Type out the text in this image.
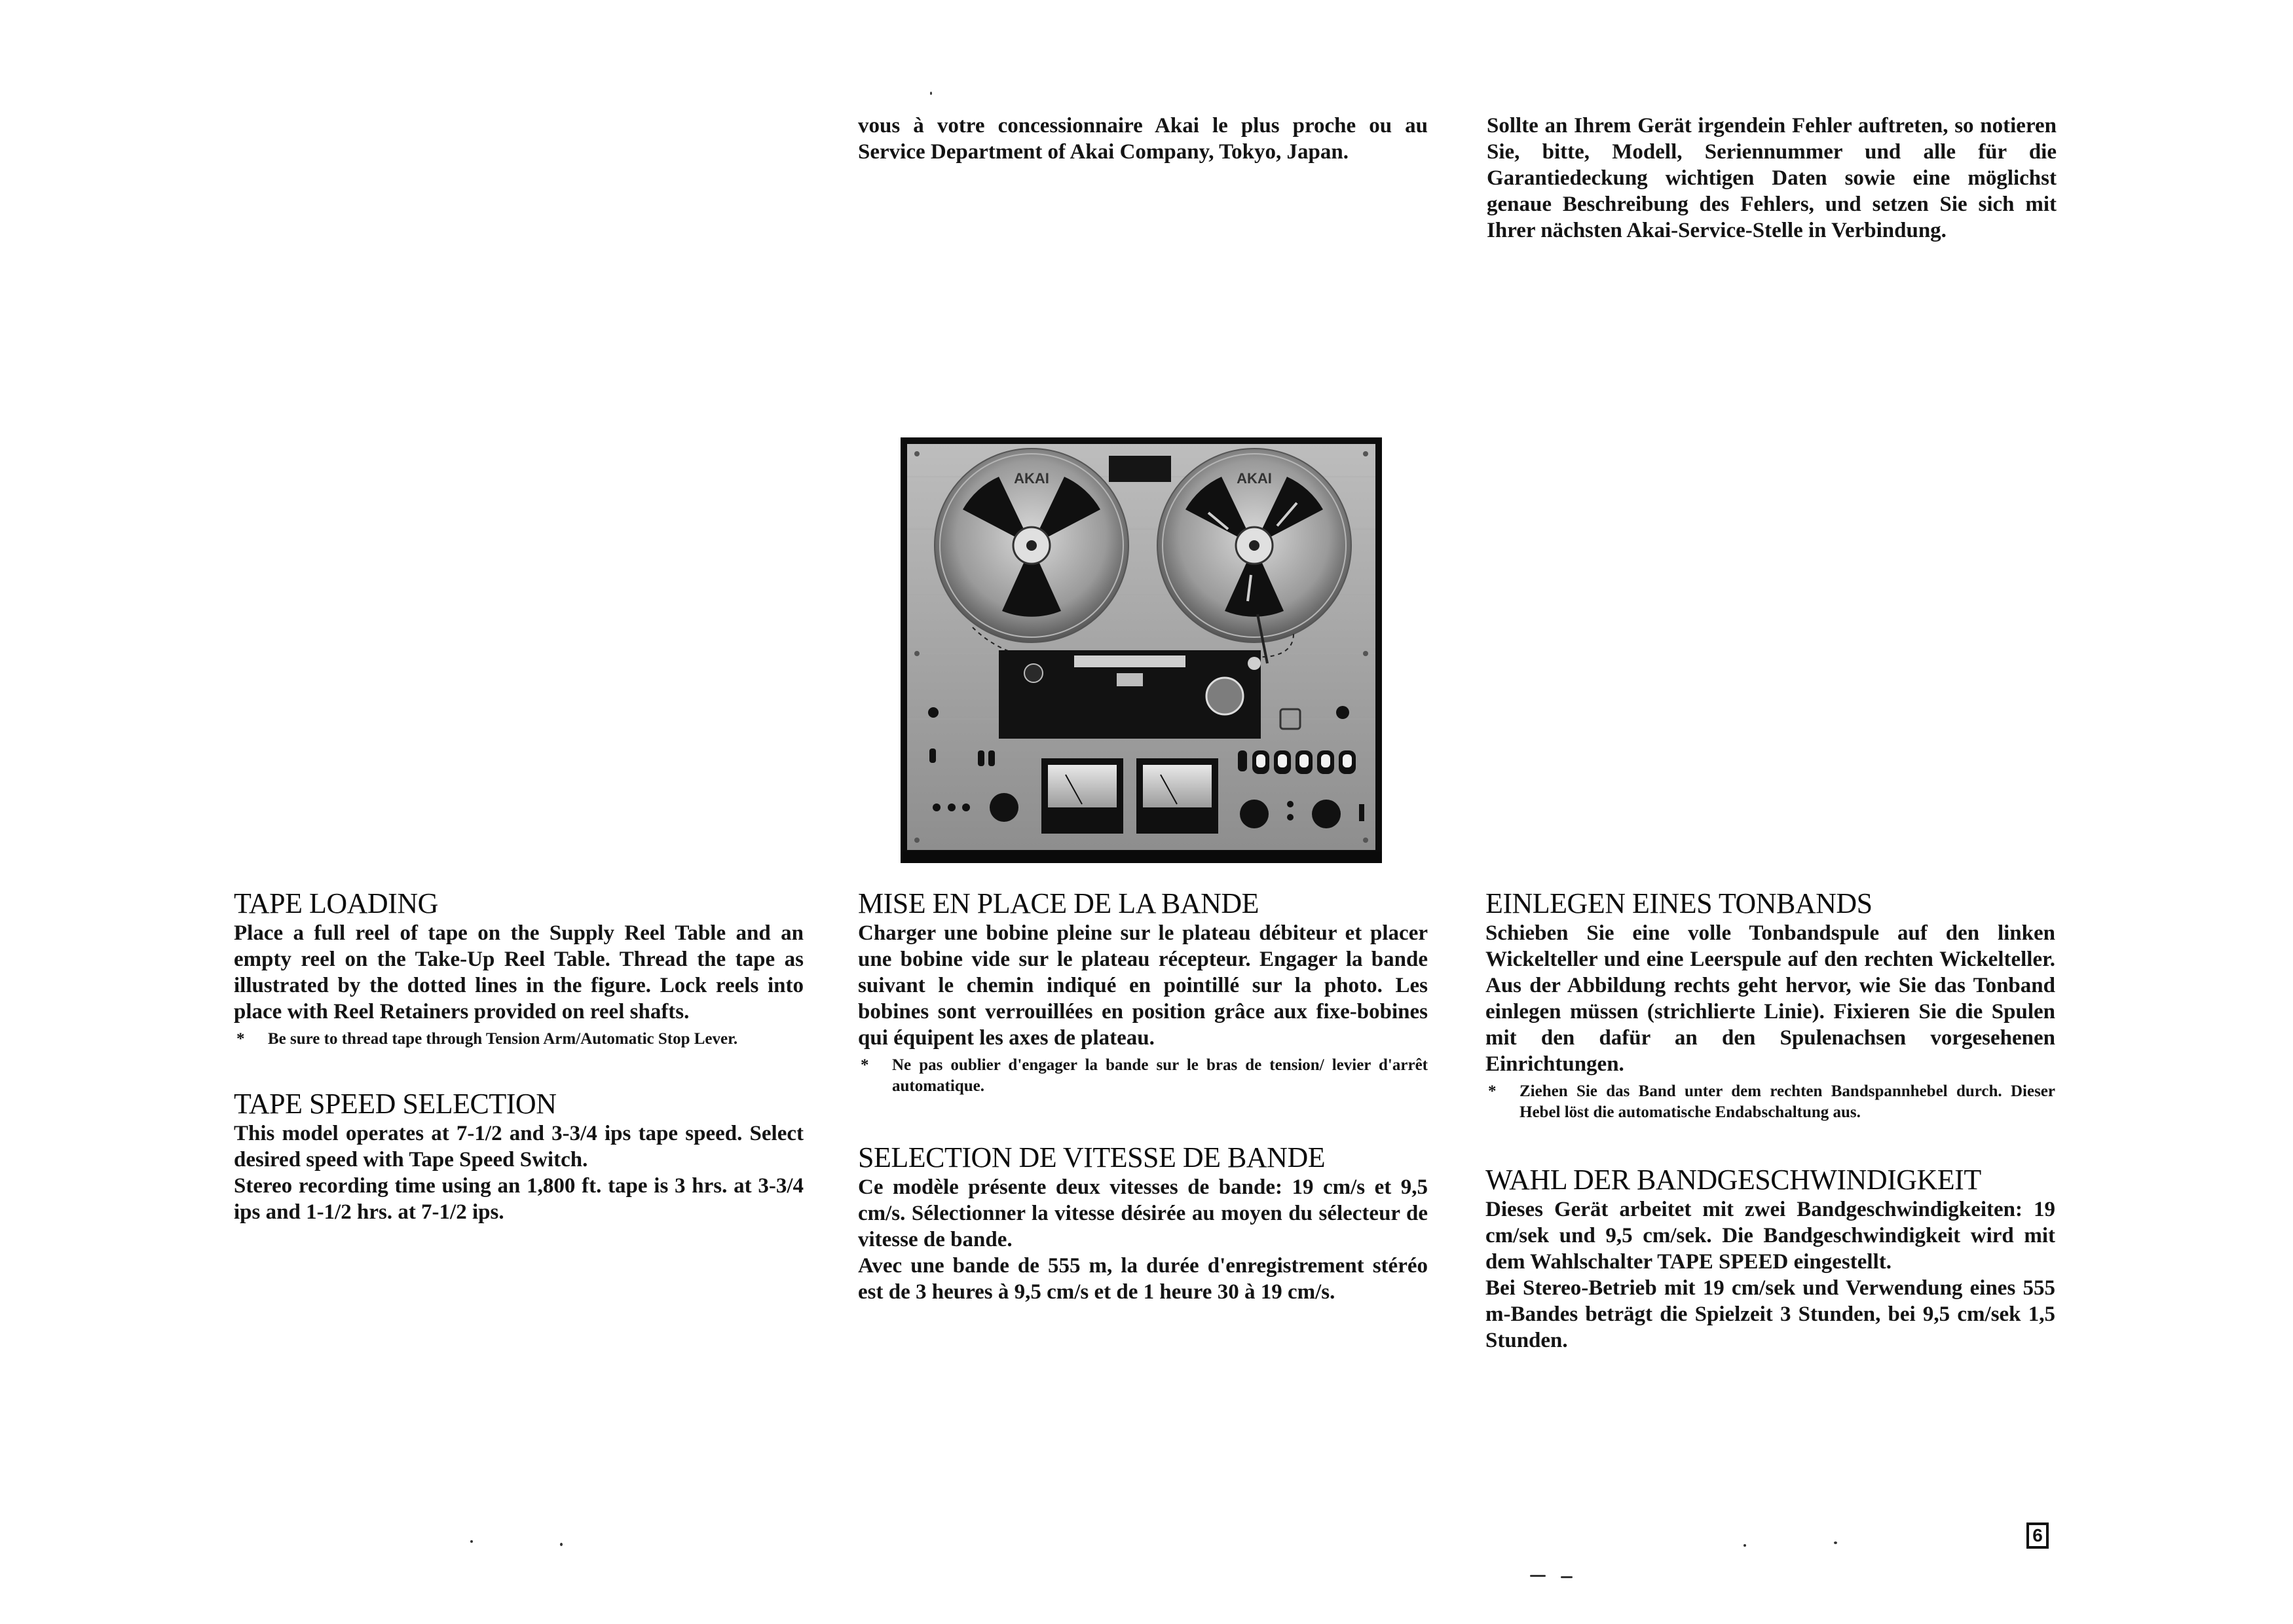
vous à votre concessionnaire Akai le plus proche ou au Service Department of Akai Company, Tokyo, Japan.

Sollte an Ihrem Gerät irgendein Fehler auftreten, so notieren Sie, bitte, Modell, Seriennummer und alle für die Garantiedeckung wichtigen Daten sowie eine möglichst genaue Beschreibung des Fehlers, und setzen Sie sich mit Ihrer nächsten Akai-Service-Stelle in Verbindung.

AKAI	AKAI
TAPE LOADING

Place a full reel of tape on the Supply Reel Table and an empty reel on the Take-Up Reel Table. Thread the tape as illustrated by the dotted lines in the figure. Lock reels into place with Reel Retainers provided on reel shafts.

*	Be sure to thread tape through Tension Arm/Automatic Stop Lever.
TAPE SPEED SELECTION

This model operates at 7-1/2 and 3-3/4 ips tape speed. Select desired speed with Tape Speed Switch.

Stereo recording time using an 1,800 ft. tape is 3 hrs. at 3-3/4 ips and 1-1/2 hrs. at 7-1/2 ips.

MISE EN PLACE DE LA BANDE

Charger une bobine pleine sur le plateau débiteur et placer une bobine vide sur le plateau récepteur. Engager la bande suivant le chemin indiqué en pointillé sur la photo. Les bobines sont verrouillées en position grâce aux fixe-bobines qui équipent les axes de plateau.

*	Ne pas oublier d'engager la bande sur le bras de tension/ levier d'arrêt automatique.
SELECTION DE VITESSE DE BANDE

Ce modèle présente deux vitesses de bande: 19 cm/s et 9,5 cm/s. Sélectionner la vitesse désirée au moyen du sélecteur de vitesse de bande.

Avec une bande de 555 m, la durée d'enregistrement stéréo est de 3 heures à 9,5 cm/s et de 1 heure 30 à 19 cm/s.

EINLEGEN EINES TONBANDS

Schieben Sie eine volle Tonbandspule auf den linken Wickelteller und eine Leerspule auf den rechten Wickelteller. Aus der Abbildung rechts geht hervor, wie Sie das Tonband einlegen müssen (strichlierte Linie). Fixieren Sie die Spulen mit den dafür an den Spulenachsen vorgesehenen Einrichtungen.

*	Ziehen Sie das Band unter dem rechten Bandspannhebel durch. Dieser Hebel löst die automatische Endabschaltung aus.
WAHL DER BANDGESCHWINDIGKEIT

Dieses Gerät arbeitet mit zwei Bandgeschwindigkeiten: 19 cm/sek und 9,5 cm/sek. Die Bandgeschwindigkeit wird mit dem Wahlschalter TAPE SPEED eingestellt.

Bei Stereo-Betrieb mit 19 cm/sek und Verwendung eines 555 m-Bandes beträgt die Spielzeit 3 Stunden, bei 9,5 cm/sek 1,5 Stunden.

6
